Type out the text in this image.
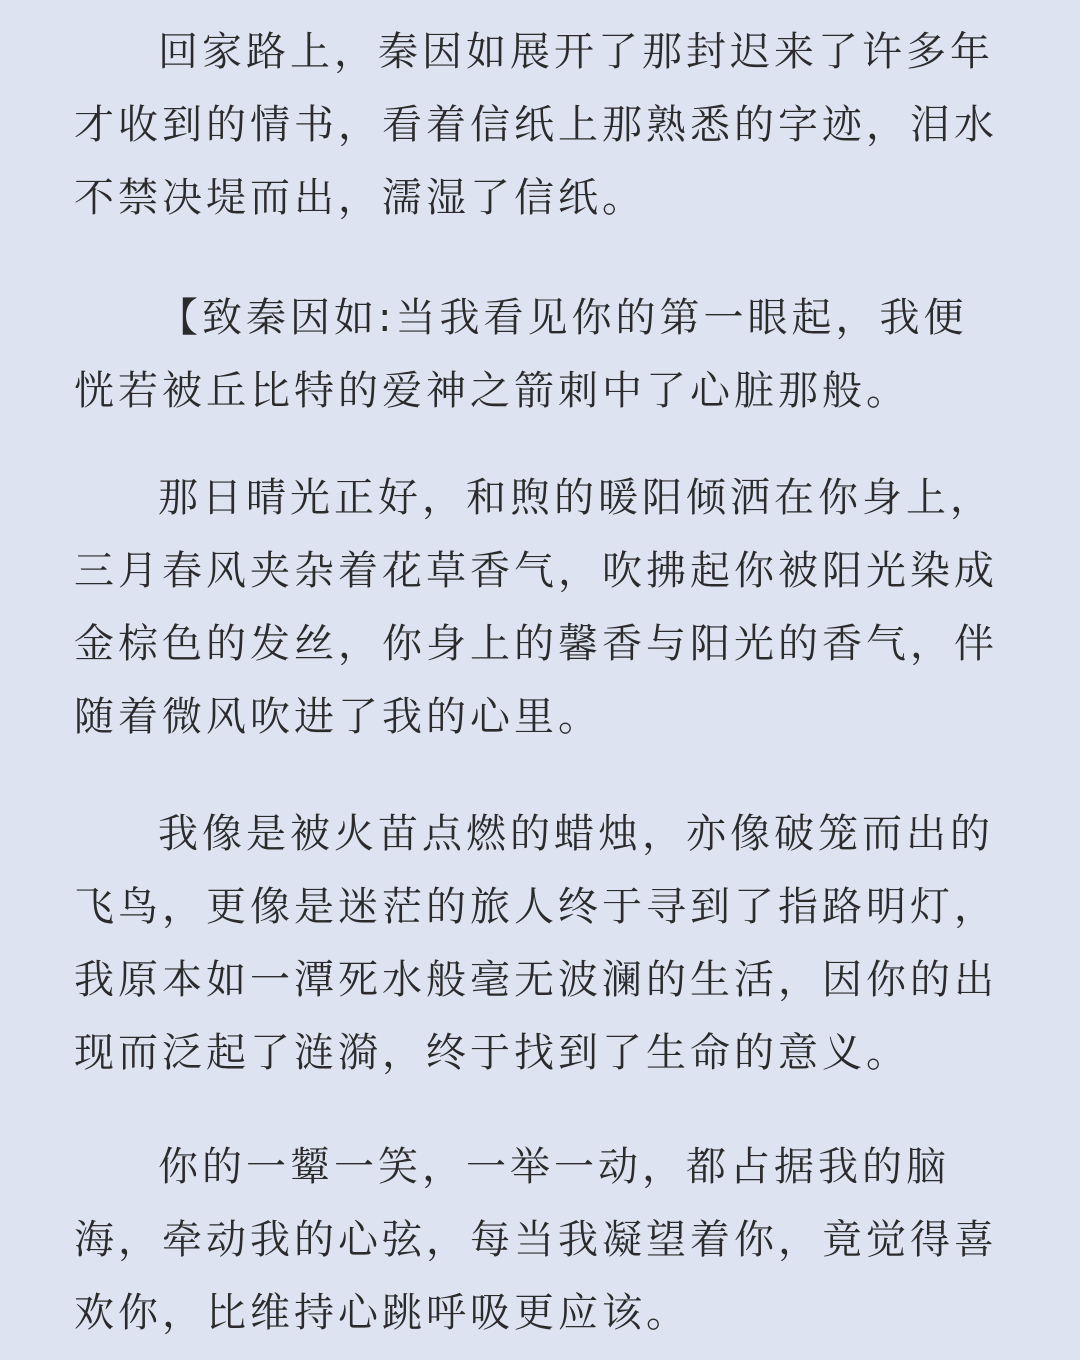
回家路上，秦因如展开了那封迟来了许多年才收到的情书，看着信纸上那熟悉的字迹，泪水不禁决堤而出，濡湿了信纸。

【致秦因如:当我看见你的第一眼起，我便恍若被丘比特的爱神之箭刺中了心脏那般。

那日晴光正好，和煦的暖阳倾洒在你身上，三月春风夹杂着花草香气，吹拂起你被阳光染成金棕色的发丝，你身上的馨香与阳光的香气，伴随着微风吹进了我的心里。

我像是被火苗点燃的蜡烛，亦像破笼而出的飞鸟，更像是迷茫的旅人终于寻到了指路明灯，我原本如一潭死水般毫无波澜的生活，因你的出现而泛起了涟漪，终于找到了生命的意义。

你的一颦一笑，一举一动，都占据我的脑海，牵动我的心弦，每当我凝望着你，竟觉得喜欢你，比维持心跳呼吸更应该。
